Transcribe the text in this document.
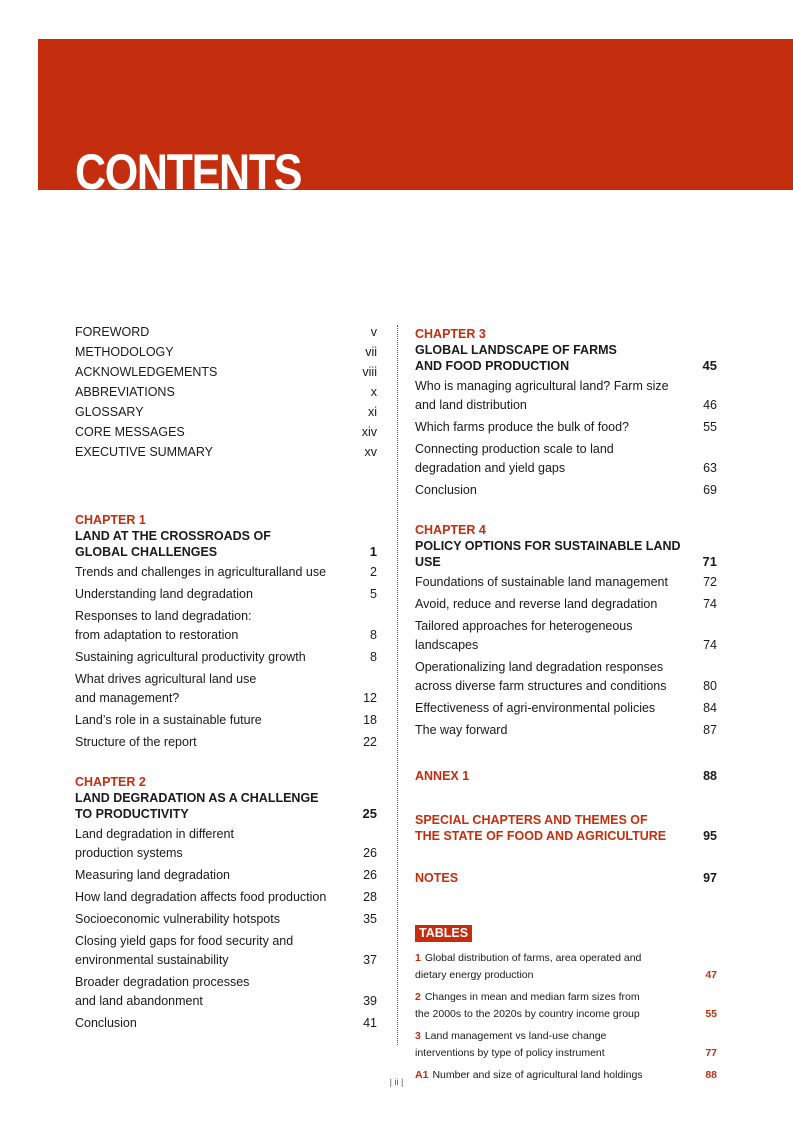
CONTENTS
FOREWORD	v
METHODOLOGY	vii
ACKNOWLEDGEMENTS	viii
ABBREVIATIONS	x
GLOSSARY	xi
CORE MESSAGES	xiv
EXECUTIVE SUMMARY	xv
CHAPTER 1
LAND AT THE CROSSROADS OF
GLOBAL CHALLENGES	1
Trends and challenges in agriculturalland use	2
Understanding land degradation	5
Responses to land degradation:
from adaptation to restoration	8
Sustaining agricultural productivity growth	8
What drives agricultural land use
and management?	12
Land’s role in a sustainable future	18
Structure of the report	22
CHAPTER 2
LAND DEGRADATION AS A CHALLENGE
TO PRODUCTIVITY	25
Land degradation in different
production systems	26
Measuring land degradation	26
How land degradation affects food production	28
Socioeconomic vulnerability hotspots	35
Closing yield gaps for food security and
environmental sustainability	37
Broader degradation processes
and land abandonment	39
Conclusion	41
CHAPTER 3
GLOBAL LANDSCAPE OF FARMS
AND FOOD PRODUCTION	45
Who is managing agricultural land? Farm size
and land distribution	46
Which farms produce the bulk of food?	55
Connecting production scale to land
degradation and yield gaps	63
Conclusion	69
CHAPTER 4
POLICY OPTIONS FOR SUSTAINABLE LAND USE	71
Foundations of sustainable land management	72
Avoid, reduce and reverse land degradation	74
Tailored approaches for heterogeneous
landscapes	74
Operationalizing land degradation responses
across diverse farm structures and conditions	80
Effectiveness of agri-environmental policies	84
The way forward	87
ANNEX 1	88
SPECIAL CHAPTERS AND THEMES OF
THE STATE OF FOOD AND AGRICULTURE	95
NOTES	97
TABLES
1 Global distribution of farms, area operated and
dietary energy production	47
2 Changes in mean and median farm sizes from
the 2000s to the 2020s by country income group	55
3 Land management vs land-use change
interventions by type of policy instrument	77
A1 Number and size of agricultural land holdings	88
| ii |
